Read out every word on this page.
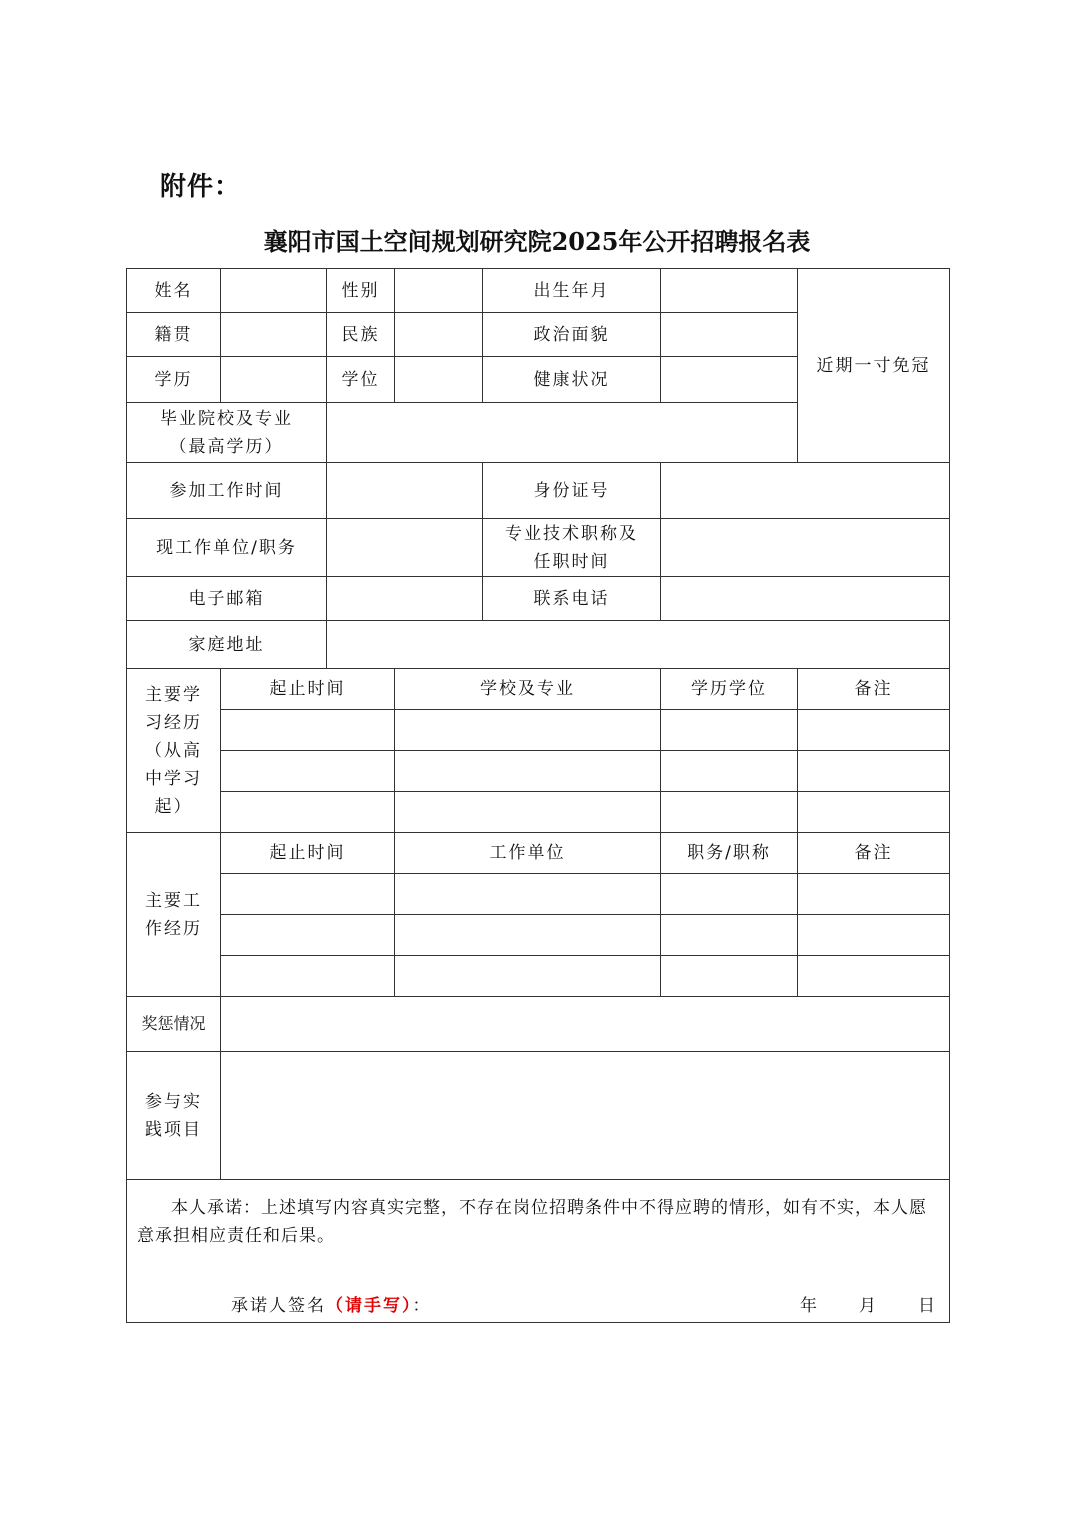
附件：
襄阳市国土空间规划研究院2025年公开招聘报名表
姓名		性别		出生年月		近期一寸免冠
籍贯		民族		政治面貌		
学历		学位		健康状况		

毕业院校及专业
（最高学历）						

参加工作时间				身份证号		
现工作单位/职务				专业技术职称及
任职时间		

电子邮箱				联系电话		
家庭地址						

主要学
习经历
（从高
中学习
起）	起止时间		学校及专业		学历学位	备注

主要工
作经历	起止时间		工作单位		职务/职称	备注

奖惩情况						

参与实
践项目						

本人承诺：上述填写内容真实完整，不存在岗位招聘条件中不得应聘的情形，如有不实，本人愿意承担相应责任和后果。
承诺人签名（请手写）： 年 月 日						
